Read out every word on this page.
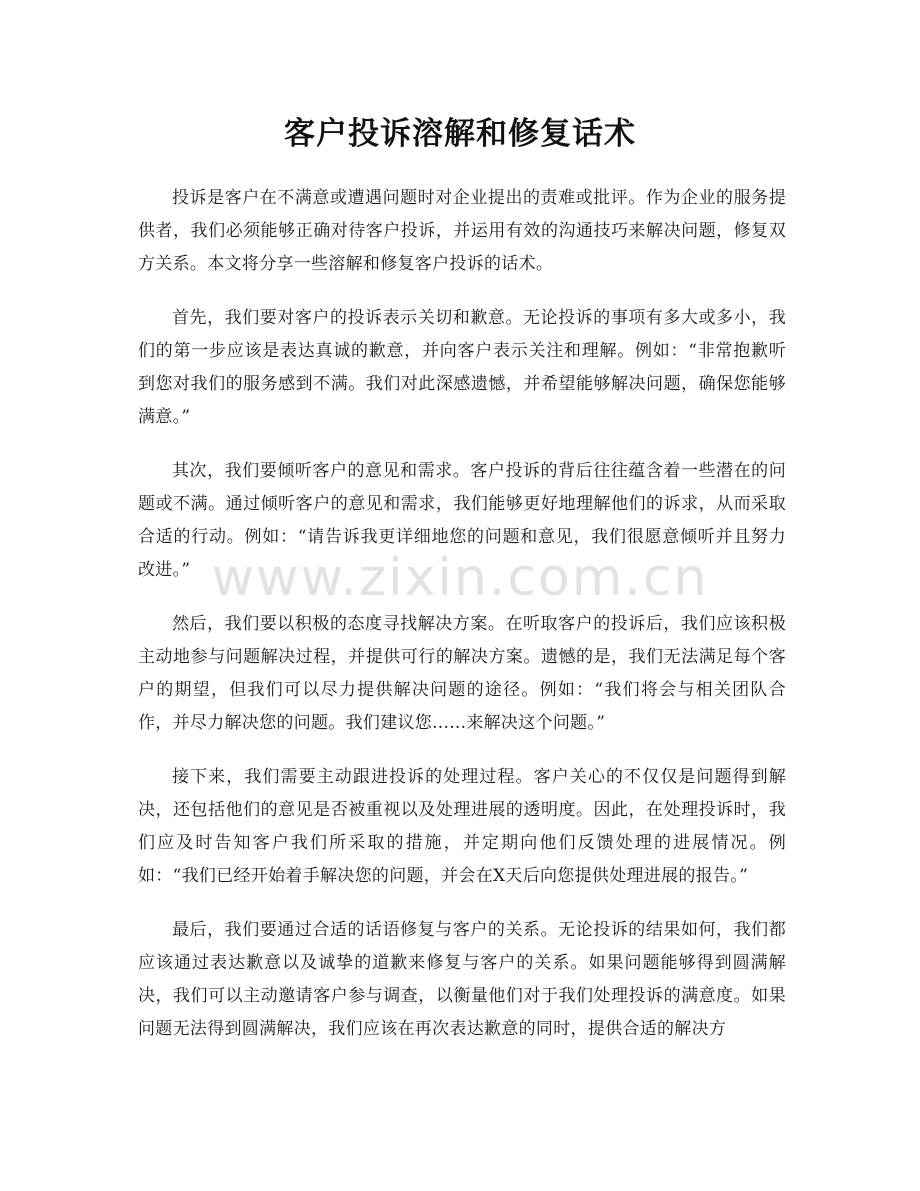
客户投诉溶解和修复话术

投诉是客户在不满意或遭遇问题时对企业提出的责难或批评。作为企业的服务提供者，我们必须能够正确对待客户投诉，并运用有效的沟通技巧来解决问题，修复双方关系。本文将分享一些溶解和修复客户投诉的话术。

首先，我们要对客户的投诉表示关切和歉意。无论投诉的事项有多大或多小，我们的第一步应该是表达真诚的歉意，并向客户表示关注和理解。例如：“非常抱歉听到您对我们的服务感到不满。我们对此深感遗憾，并希望能够解决问题，确保您能够满意。”

其次，我们要倾听客户的意见和需求。客户投诉的背后往往蕴含着一些潜在的问题或不满。通过倾听客户的意见和需求，我们能够更好地理解他们的诉求，从而采取合适的行动。例如：“请告诉我更详细地您的问题和意见，我们很愿意倾听并且努力改进。”

然后，我们要以积极的态度寻找解决方案。在听取客户的投诉后，我们应该积极主动地参与问题解决过程，并提供可行的解决方案。遗憾的是，我们无法满足每个客户的期望，但我们可以尽力提供解决问题的途径。例如：“我们将会与相关团队合作，并尽力解决您的问题。我们建议您......来解决这个问题。”

接下来，我们需要主动跟进投诉的处理过程。客户关心的不仅仅是问题得到解决，还包括他们的意见是否被重视以及处理进展的透明度。因此，在处理投诉时，我们应及时告知客户我们所采取的措施，并定期向他们反馈处理的进展情况。例如：“我们已经开始着手解决您的问题，并会在X天后向您提供处理进展的报告。”

最后，我们要通过合适的话语修复与客户的关系。无论投诉的结果如何，我们都应该通过表达歉意以及诚挚的道歉来修复与客户的关系。如果问题能够得到圆满解决，我们可以主动邀请客户参与调查，以衡量他们对于我们处理投诉的满意度。如果问题无法得到圆满解决，我们应该在再次表达歉意的同时，提供合适的解决方

www.zixin.com.cn
